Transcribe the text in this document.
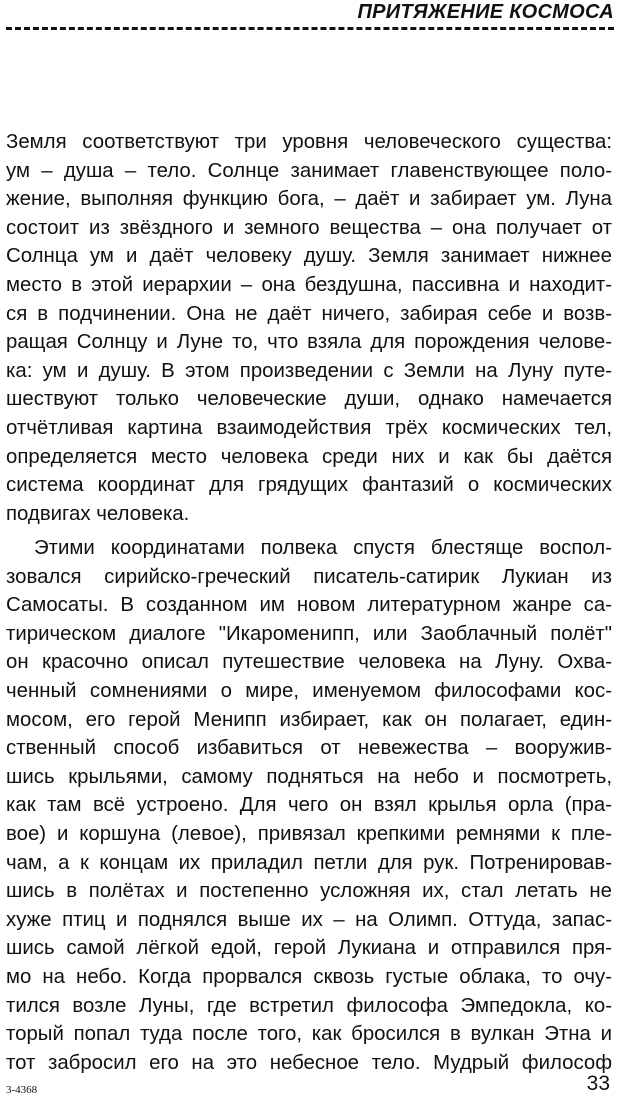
ПРИТЯЖЕНИЕ КОСМОСА
Земля соответствуют три уровня человеческого существа:
ум – душа – тело. Солнце занимает главенствующее поло-
жение, выполняя функцию бога, – даёт и забирает ум. Луна
состоит из звёздного и земного вещества – она получает от
Солнца ум и даёт человеку душу. Земля занимает нижнее
место в этой иерархии – она бездушна, пассивна и находит-
ся в подчинении. Она не даёт ничего, забирая себе и возв-
ращая Солнцу и Луне то, что взяла для порождения челове-
ка: ум и душу. В этом произведении с Земли на Луну путе-
шествуют только человеческие души, однако намечается
отчётливая картина взаимодействия трёх космических тел,
определяется место человека среди них и как бы даётся
система координат для грядущих фантазий о космических
подвигах человека.
Этими координатами полвека спустя блестяще воспол-
зовался сирийско-греческий писатель-сатирик Лукиан из
Самосаты. В созданном им новом литературном жанре са-
тирическом диалоге "Икароменипп, или Заоблачный полёт"
он красочно описал путешествие человека на Луну. Охва-
ченный сомнениями о мире, именуемом философами кос-
мосом, его герой Менипп избирает, как он полагает, един-
ственный способ избавиться от невежества – вооружив-
шись крыльями, самому подняться на небо и посмотреть,
как там всё устроено. Для чего он взял крылья орла (пра-
вое) и коршуна (левое), привязал крепкими ремнями к пле-
чам, а к концам их приладил петли для рук. Потренировав-
шись в полётах и постепенно усложняя их, стал летать не
хуже птиц и поднялся выше их – на Олимп. Оттуда, запас-
шись самой лёгкой едой, герой Лукиана и отправился пря-
мо на небо. Когда прорвался сквозь густые облака, то очу-
тился возле Луны, где встретил философа Эмпедокла, ко-
торый попал туда после того, как бросился в вулкан Этна и
тот забросил его на это небесное тело. Мудрый философ
3-4368	33
